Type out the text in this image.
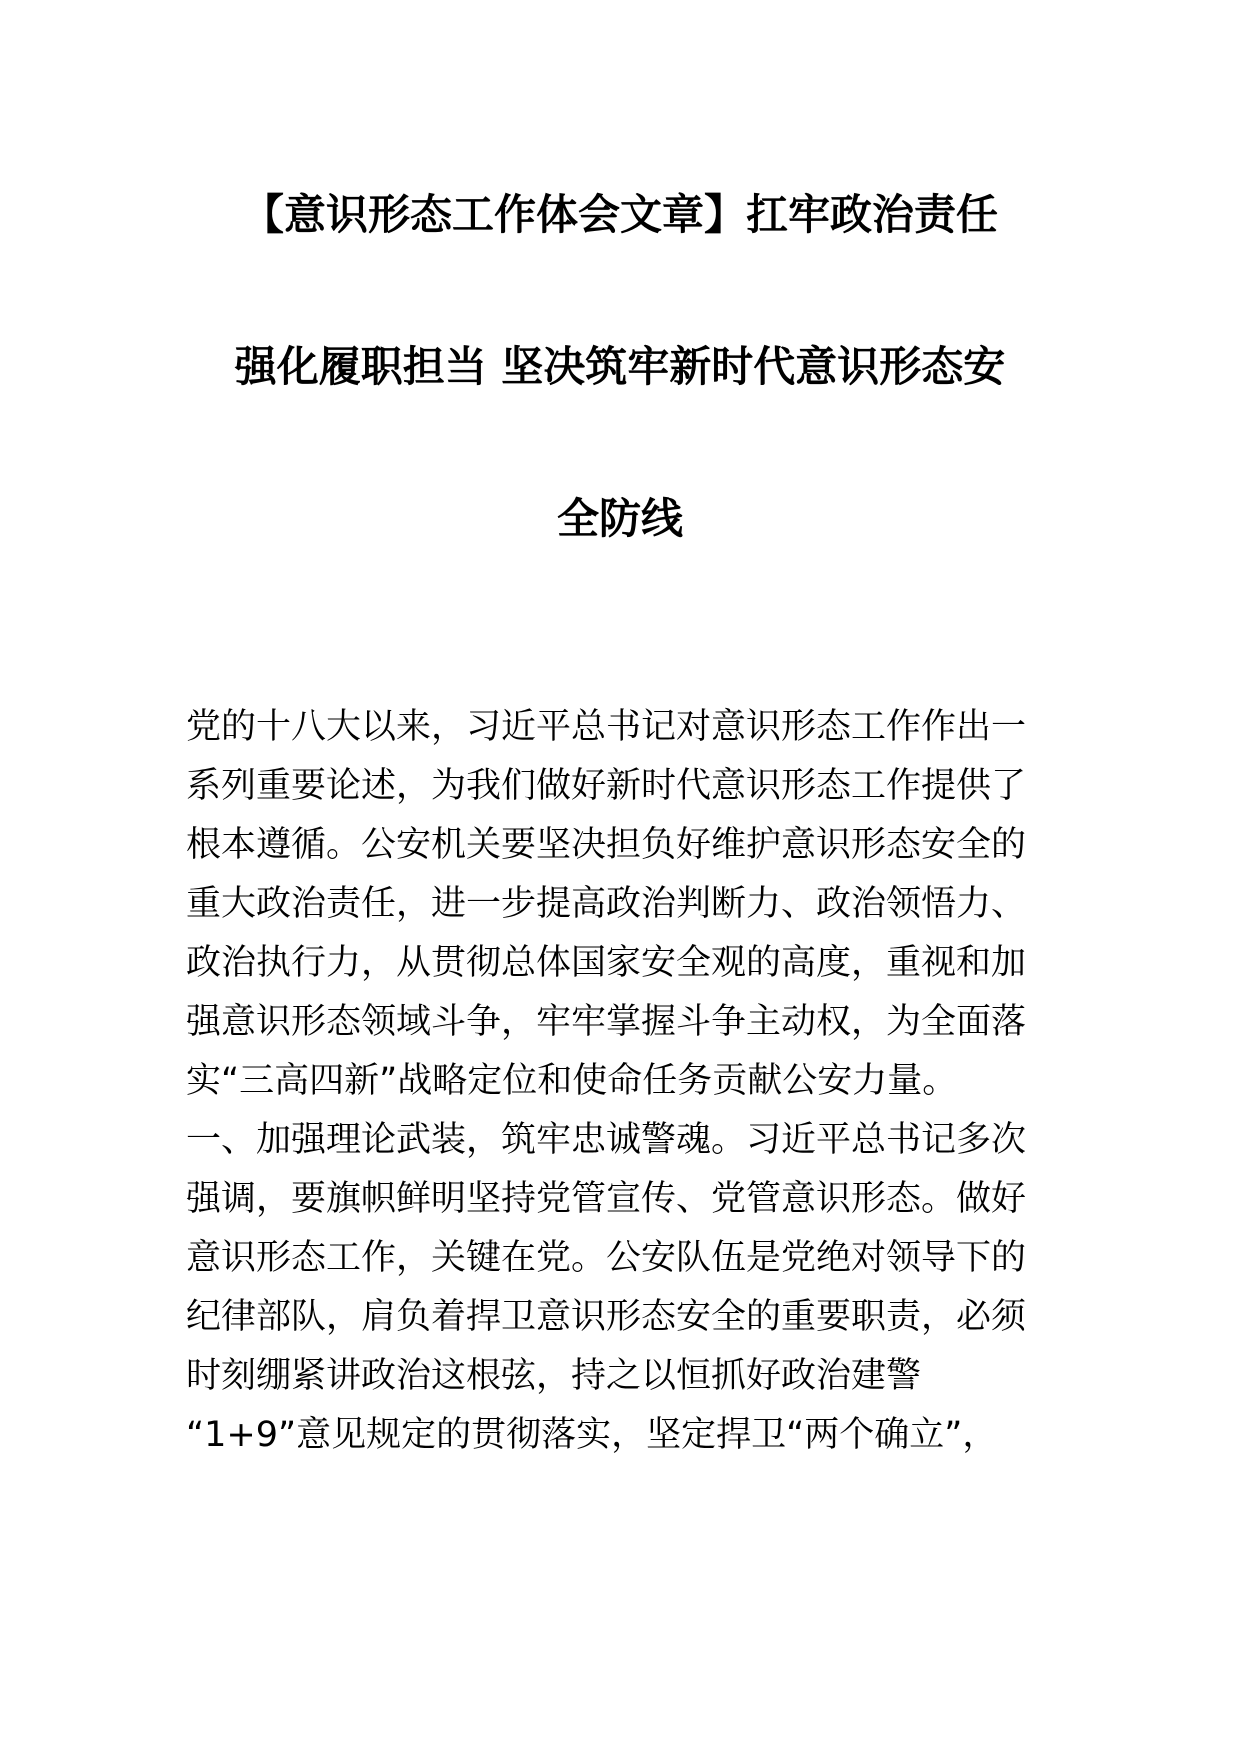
【意识形态工作体会文章】扛牢政治责任
强化履职担当 坚决筑牢新时代意识形态安
全防线
党的十八大以来，习近平总书记对意识形态工作作出一
系列重要论述，为我们做好新时代意识形态工作提供了
根本遵循。公安机关要坚决担负好维护意识形态安全的
重大政治责任，进一步提高政治判断力、政治领悟力、
政治执行力，从贯彻总体国家安全观的高度，重视和加
强意识形态领域斗争，牢牢掌握斗争主动权，为全面落
实“三高四新”战略定位和使命任务贡献公安力量。
一、加强理论武装，筑牢忠诚警魂。习近平总书记多次
强调，要旗帜鲜明坚持党管宣传、党管意识形态。做好
意识形态工作，关键在党。公安队伍是党绝对领导下的
纪律部队，肩负着捍卫意识形态安全的重要职责，必须
时刻绷紧讲政治这根弦，持之以恒抓好政治建警
“1+9”意见规定的贯彻落实，坚定捍卫“两个确立”，
